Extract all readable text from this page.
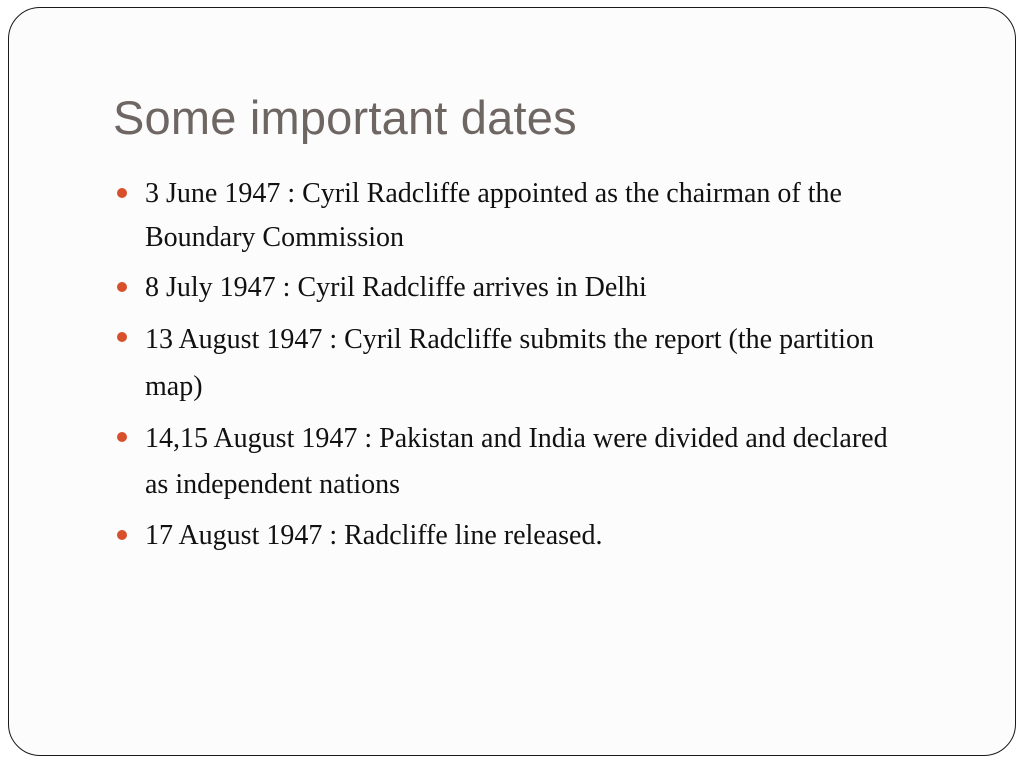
Some important dates
3 June 1947 : Cyril Radcliffe appointed as the chairman of the Boundary Commission
8 July 1947 : Cyril Radcliffe arrives in Delhi
13 August 1947 : Cyril Radcliffe submits the report (the partition map)
14,15 August 1947 : Pakistan and India were divided and declared as independent nations
17 August 1947 : Radcliffe line released.
